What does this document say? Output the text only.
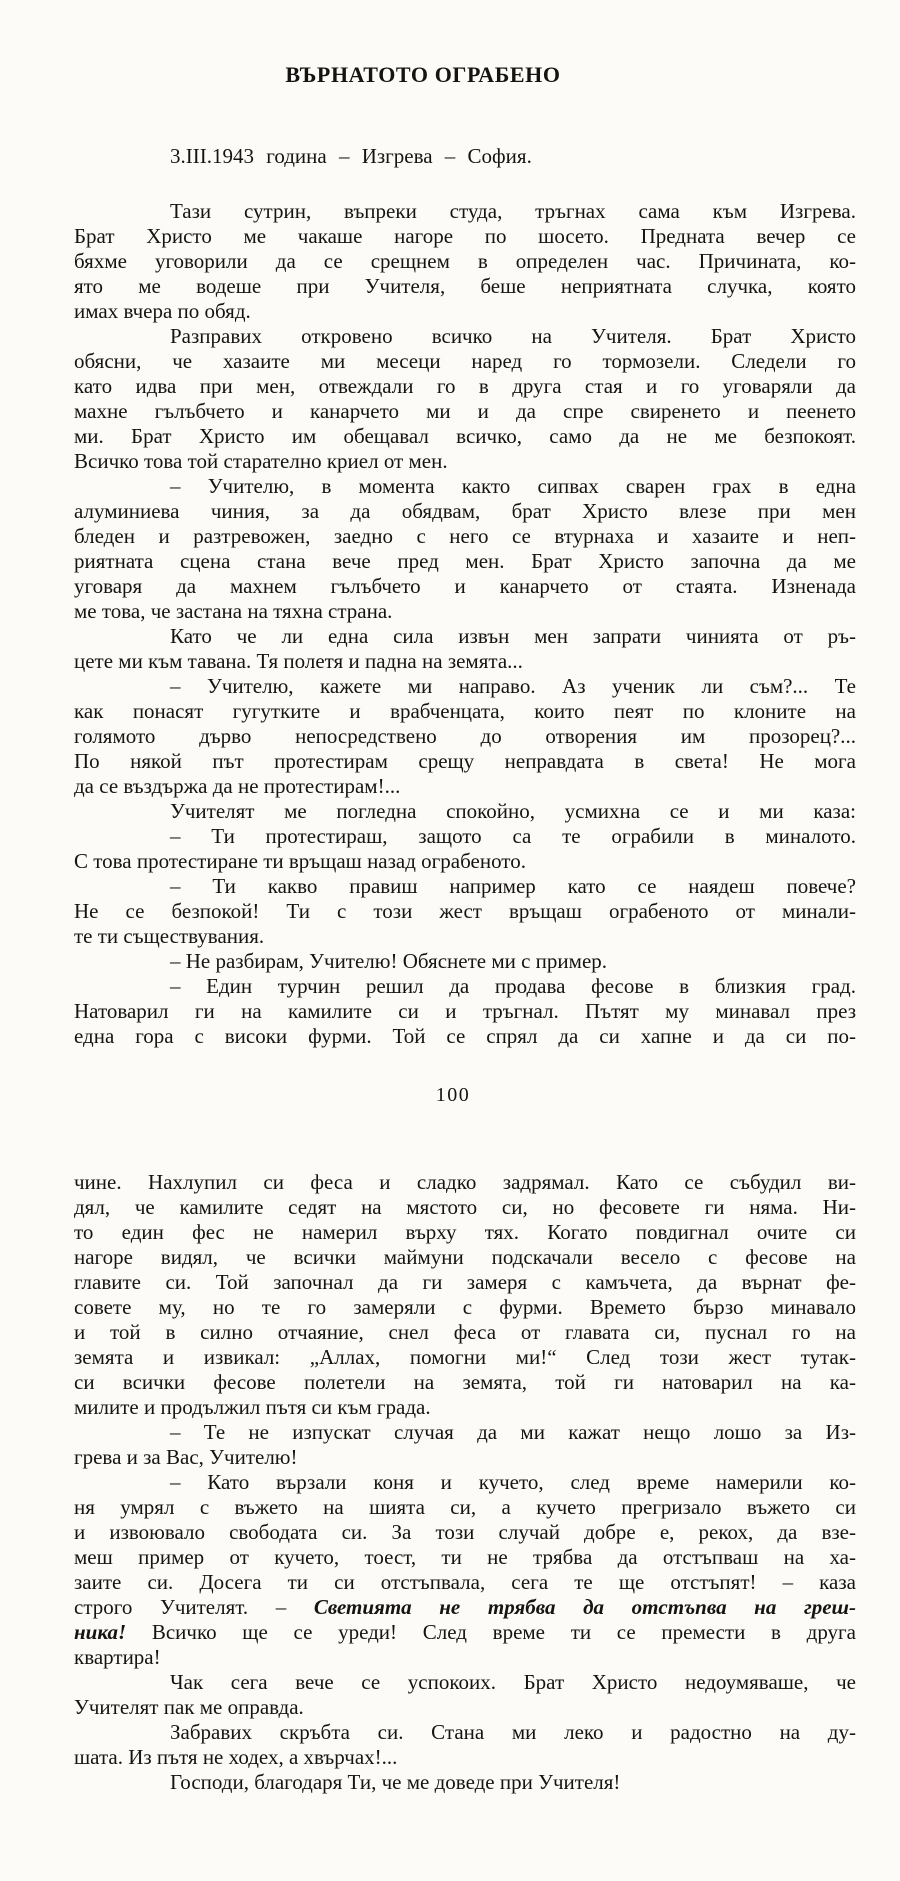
ВЪРНАТОТО ОГРАБЕНО
3.III.1943 година – Изгрева – София.
Тази сутрин, въпреки студа, тръгнах сама към Изгрева.
Брат Христо ме чакаше нагоре по шосето. Предната вечер се
бяхме уговорили да се срещнем в определен час. Причината, ко-
ято ме водеше при Учителя, беше неприятната случка, която
имах вчера по обяд.
Разправих откровено всичко на Учителя. Брат Христо
обясни, че хазаите ми месеци наред го тормозели. Следели го
като идва при мен, отвеждали го в друга стая и го уговаряли да
махне гълъбчето и канарчето ми и да спре свиренето и пеенето
ми. Брат Христо им обещавал всичко, само да не ме безпокоят.
Всичко това той старателно криел от мен.
– Учителю, в момента както сипвах сварен грах в една
алуминиева чиния, за да обядвам, брат Христо влезе при мен
бледен и разтревожен, заедно с него се втурнаха и хазаите и неп-
риятната сцена стана вече пред мен. Брат Христо започна да ме
уговаря да махнем гълъбчето и канарчето от стаята. Изненада
ме това, че застана на тяхна страна.
Като че ли една сила извън мен запрати чинията от ръ-
цете ми към тавана. Тя полетя и падна на земята...
– Учителю, кажете ми направо. Аз ученик ли съм?... Те
как понасят гугутките и врабченцата, които пеят по клоните на
голямото дърво непосредствено до отворения им прозорец?...
По някой път протестирам срещу неправдата в света! Не мога
да се въздържа да не протестирам!...
Учителят ме погледна спокойно, усмихна се и ми каза:
– Ти протестираш, защото са те ограбили в миналото.
С това протестиране ти връщаш назад ограбеното.
– Ти какво правиш например като се наядеш повече?
Не се безпокой! Ти с този жест връщаш ограбеното от минали-
те ти съществувания.
– Не разбирам, Учителю! Обяснете ми с пример.
– Един турчин решил да продава фесове в близкия град.
Натоварил ги на камилите си и тръгнал. Пътят му минавал през
една гора с високи фурми. Той се спрял да си хапне и да си по-
100
чине. Нахлупил си феса и сладко задрямал. Като се събудил ви-
дял, че камилите седят на мястото си, но фесовете ги няма. Ни-
то един фес не намерил върху тях. Когато повдигнал очите си
нагоре видял, че всички маймуни подскачали весело с фесове на
главите си. Той започнал да ги замеря с камъчета, да върнат фе-
совете му, но те го замеряли с фурми. Времето бързо минавало
и той в силно отчаяние, снел феса от главата си, пуснал го на
земята и извикал: „Аллах, помогни ми!“ След този жест тутак-
си всички фесове полетели на земята, той ги натоварил на ка-
милите и продължил пътя си към града.
– Те не изпускат случая да ми кажат нещо лошо за Из-
грева и за Вас, Учителю!
– Като вързали коня и кучето, след време намерили ко-
ня умрял с въжето на шията си, а кучето прегризало въжето си
и извоювало свободата си. За този случай добре е, рекох, да взе-
меш пример от кучето, тоест, ти не трябва да отстъпваш на ха-
заите си. Досега ти си отстъпвала, сега те ще отстъпят! – каза
строго Учителят. – Светията не трябва да отстъпва на греш-
ника! Всичко ще се уреди! След време ти се премести в друга
квартира!
Чак сега вече се успокоих. Брат Христо недоумяваше, че
Учителят пак ме оправда.
Забравих скръбта си. Стана ми леко и радостно на ду-
шата. Из пътя не ходех, а хвърчах!...
Господи, благодаря Ти, че ме доведе при Учителя!
